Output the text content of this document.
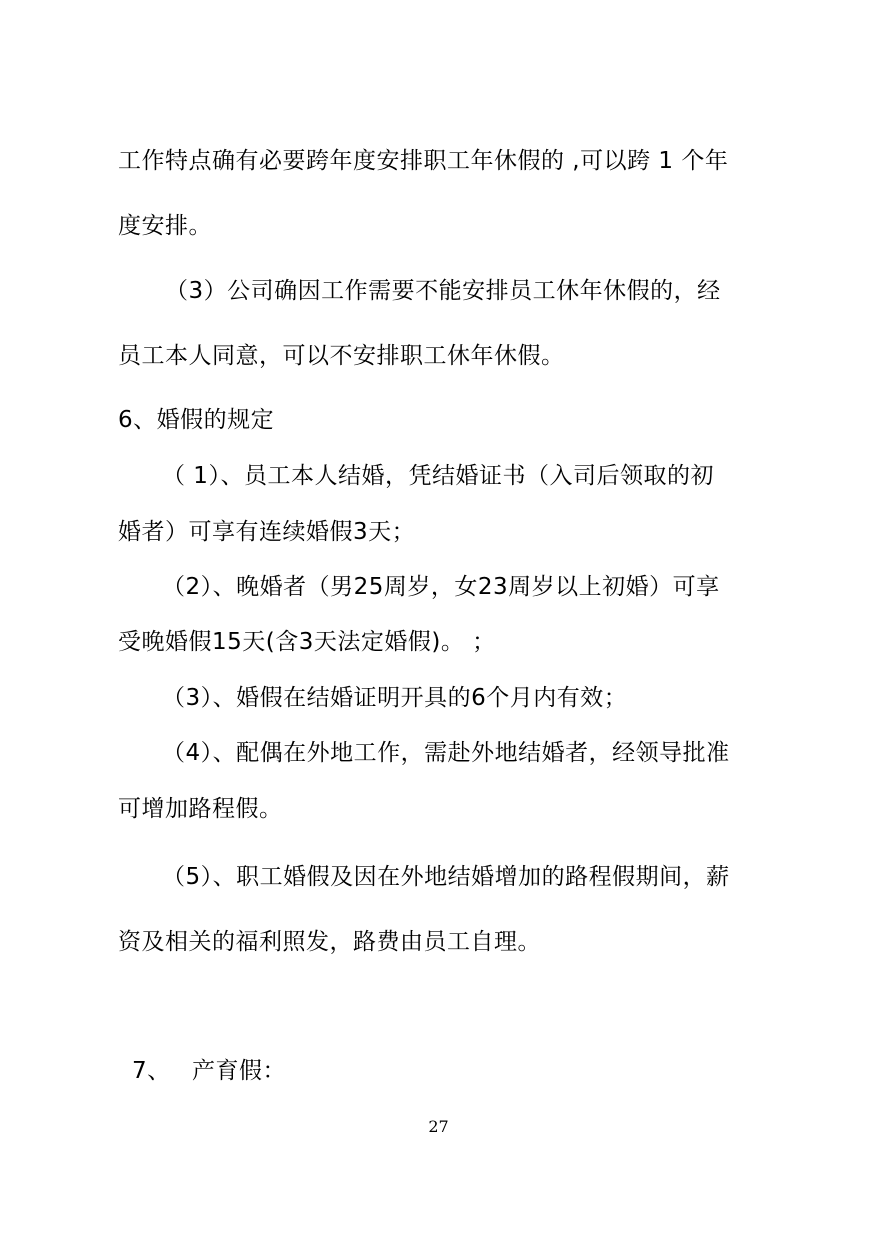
工作特点确有必要跨年度安排职工年休假的 ,可以跨 1 个年
度安排。
（3）公司确因工作需要不能安排员工休年休假的，经
员工本人同意，可以不安排职工休年休假。
6、婚假的规定
（ 1）、员工本人结婚，凭结婚证书（入司后领取的初
婚者）可享有连续婚假3天；
（2）、晚婚者（男25周岁，女23周岁以上初婚）可享
受晚婚假15天(含3天法定婚假)。 ；
（3）、婚假在结婚证明开具的6个月内有效；
（4）、配偶在外地工作，需赴外地结婚者，经领导批准
可增加路程假。
（5）、职工婚假及因在外地结婚增加的路程假期间，薪
资及相关的福利照发，路费由员工自理。
7、 产育假：
27
